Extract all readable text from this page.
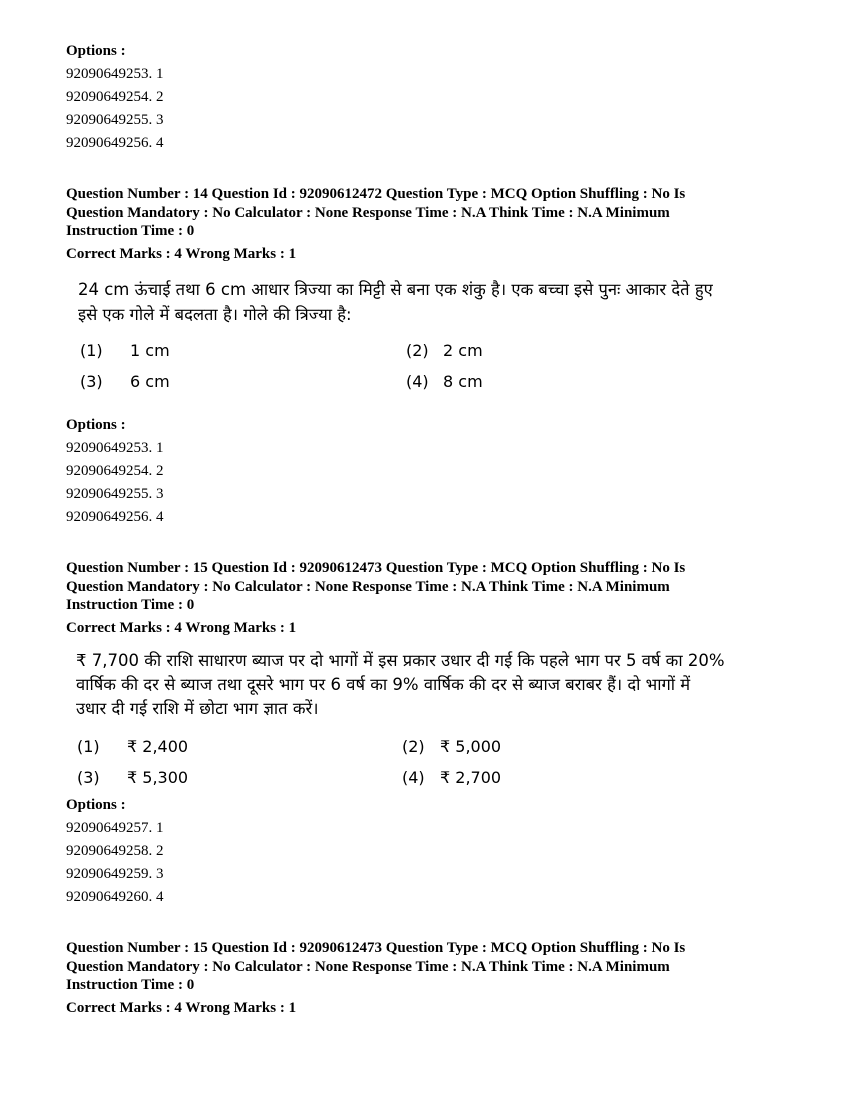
Options :
92090649253. 1
92090649254. 2
92090649255. 3
92090649256. 4
Question Number : 14 Question Id : 92090612472 Question Type : MCQ Option Shuffling : No Is
Question Mandatory : No Calculator : None Response Time : N.A Think Time : N.A Minimum
Instruction Time : 0
Correct Marks : 4 Wrong Marks : 1
24 cm ऊंचाई तथा 6 cm आधार त्रिज्या का मिट्टी से बना एक शंकु है। एक बच्चा इसे पुनः आकार देते हुए
इसे एक गोले में बदलता है। गोले की त्रिज्या है:
(1) 1 cm	(2) 2 cm
(3) 6 cm	(4) 8 cm
Options :
92090649253. 1
92090649254. 2
92090649255. 3
92090649256. 4
Question Number : 15 Question Id : 92090612473 Question Type : MCQ Option Shuffling : No Is
Question Mandatory : No Calculator : None Response Time : N.A Think Time : N.A Minimum
Instruction Time : 0
Correct Marks : 4 Wrong Marks : 1
₹ 7,700 की राशि साधारण ब्याज पर दो भागों में इस प्रकार उधार दी गई कि पहले भाग पर 5 वर्ष का 20%
वार्षिक की दर से ब्याज तथा दूसरे भाग पर 6 वर्ष का 9% वार्षिक की दर से ब्याज बराबर हैं। दो भागों में
उधार दी गई राशि में छोटा भाग ज्ञात करें।
(1) ₹ 2,400	(2) ₹ 5,000
(3) ₹ 5,300	(4) ₹ 2,700
Options :
92090649257. 1
92090649258. 2
92090649259. 3
92090649260. 4
Question Number : 15 Question Id : 92090612473 Question Type : MCQ Option Shuffling : No Is
Question Mandatory : No Calculator : None Response Time : N.A Think Time : N.A Minimum
Instruction Time : 0
Correct Marks : 4 Wrong Marks : 1
